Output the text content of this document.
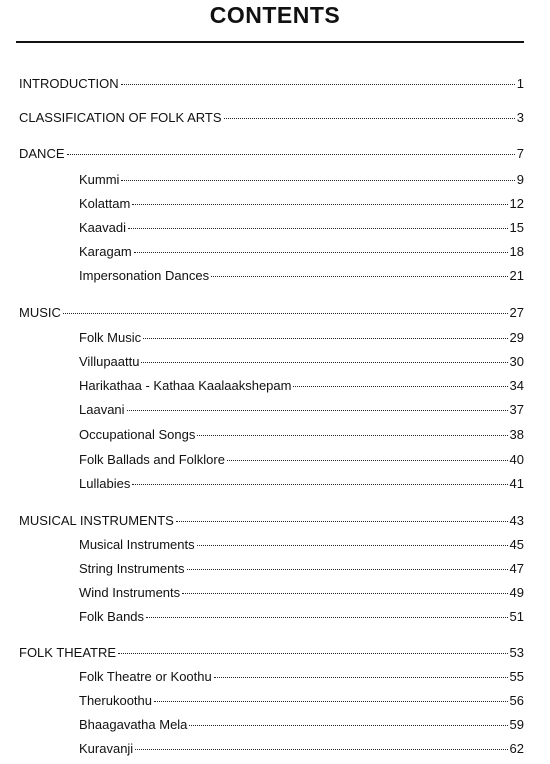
CONTENTS
INTRODUCTION	1
CLASSIFICATION OF FOLK ARTS	3
DANCE	7
Kummi	9
Kolattam	12
Kaavadi	15
Karagam	18
Impersonation Dances	21
MUSIC	27
Folk Music	29
Villupaattu	30
Harikathaa - Kathaa Kaalaakshepam	34
Laavani	37
Occupational Songs	38
Folk Ballads and Folklore	40
Lullabies	41
MUSICAL INSTRUMENTS	43
Musical Instruments	45
String Instruments	47
Wind Instruments	49
Folk Bands	51
FOLK THEATRE	53
Folk Theatre or Koothu	55
Therukoothu	56
Bhaagavatha Mela	59
Kuravanji	62
